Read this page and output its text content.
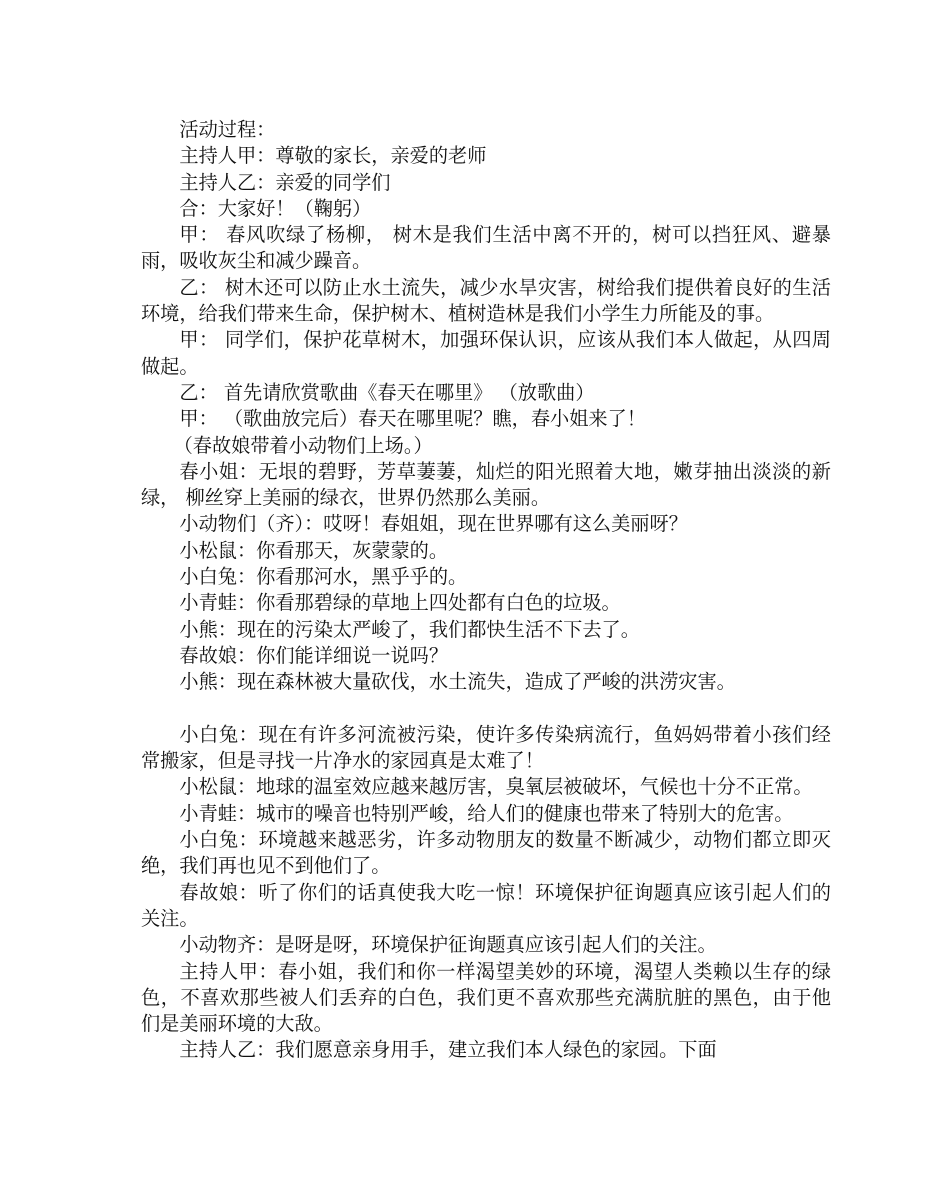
活动过程：

主持人甲：尊敬的家长，亲爱的老师

主持人乙：亲爱的同学们

合：大家好！（鞠躬）

甲： 春风吹绿了杨柳， 树木是我们生活中离不开的，树可以挡狂风、避暴雨，吸收灰尘和减少躁音。

乙： 树木还可以防止水土流失，减少水旱灾害，树给我们提供着良好的生活环境，给我们带来生命，保护树木、植树造林是我们小学生力所能及的事。

甲： 同学们，保护花草树木，加强环保认识，应该从我们本人做起，从四周做起。

乙： 首先请欣赏歌曲《春天在哪里》 （放歌曲）

甲： （歌曲放完后）春天在哪里呢？瞧，春小姐来了！

（春故娘带着小动物们上场。）

春小姐：无垠的碧野，芳草萋萋，灿烂的阳光照着大地，嫩芽抽出淡淡的新绿， 柳丝穿上美丽的绿衣，世界仍然那么美丽。

小动物们（齐）：哎呀！春姐姐，现在世界哪有这么美丽呀？

小松鼠：你看那天，灰蒙蒙的。

小白兔：你看那河水，黑乎乎的。

小青蛙：你看那碧绿的草地上四处都有白色的垃圾。

小熊：现在的污染太严峻了，我们都快生活不下去了。

春故娘：你们能详细说一说吗？

小熊：现在森林被大量砍伐，水土流失，造成了严峻的洪涝灾害。

小白兔：现在有许多河流被污染，使许多传染病流行，鱼妈妈带着小孩们经常搬家，但是寻找一片净水的家园真是太难了！

小松鼠：地球的温室效应越来越厉害，臭氧层被破坏，气候也十分不正常。

小青蛙：城市的噪音也特别严峻，给人们的健康也带来了特别大的危害。

小白兔：环境越来越恶劣，许多动物朋友的数量不断减少，动物们都立即灭绝，我们再也见不到他们了。

春故娘：听了你们的话真使我大吃一惊！环境保护征询题真应该引起人们的关注。

小动物齐：是呀是呀，环境保护征询题真应该引起人们的关注。

主持人甲：春小姐，我们和你一样渴望美妙的环境，渴望人类赖以生存的绿色，不喜欢那些被人们丢弃的白色，我们更不喜欢那些充满肮脏的黑色，由于他们是美丽环境的大敌。

主持人乙：我们愿意亲身用手，建立我们本人绿色的家园。下面
